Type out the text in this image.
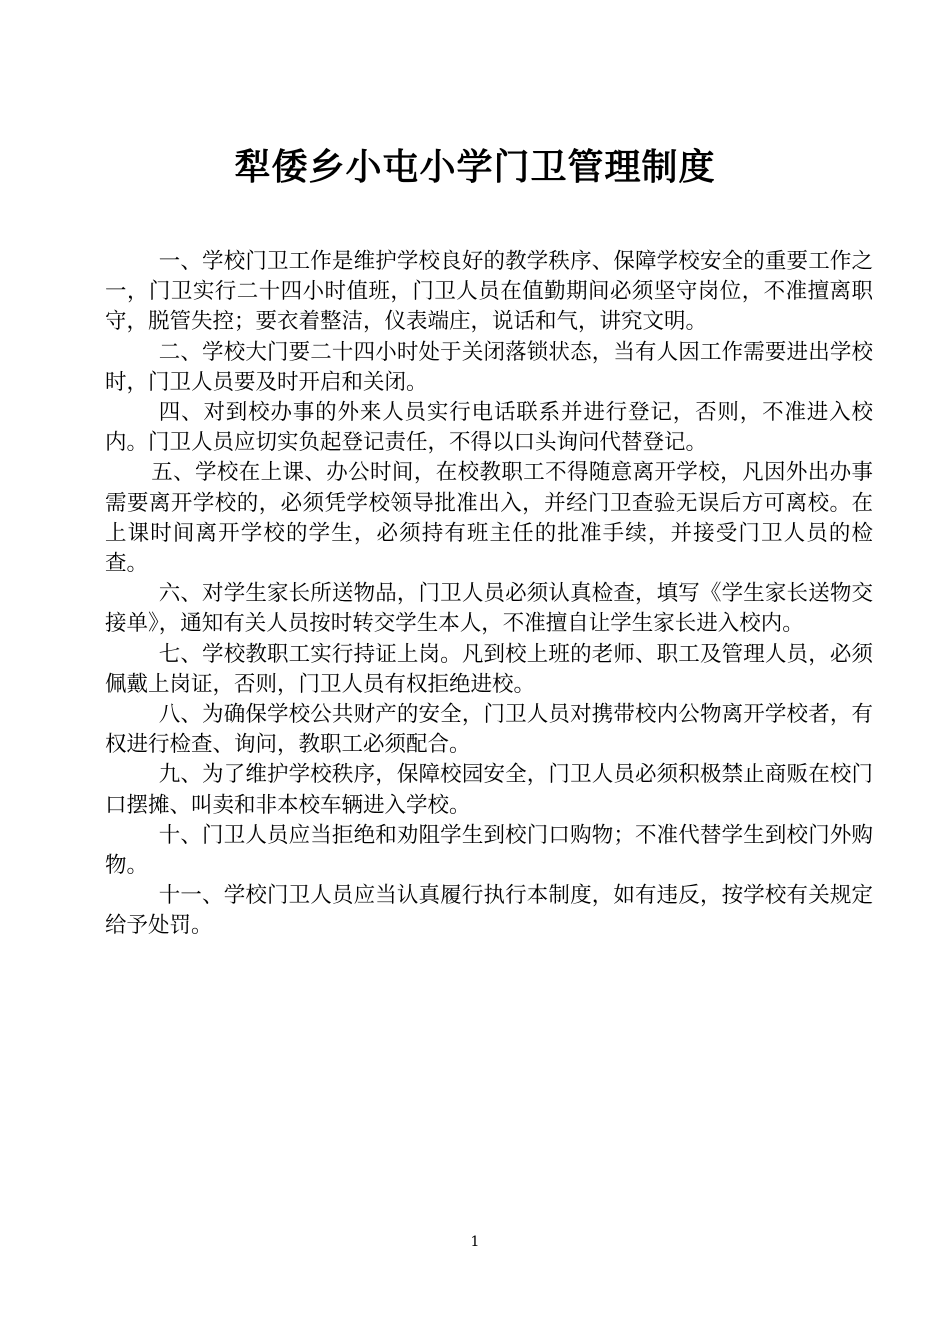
犁倭乡小屯小学门卫管理制度

一、学校门卫工作是维护学校良好的教学秩序、保障学校安全的重要工作之一，门卫实行二十四小时值班，门卫人员在值勤期间必须坚守岗位，不准擅离职守，脱管失控；要衣着整洁，仪表端庄，说话和气，讲究文明。

二、学校大门要二十四小时处于关闭落锁状态，当有人因工作需要进出学校时，门卫人员要及时开启和关闭。

四、对到校办事的外来人员实行电话联系并进行登记，否则，不准进入校内。门卫人员应切实负起登记责任，不得以口头询问代替登记。

五、学校在上课、办公时间，在校教职工不得随意离开学校，凡因外出办事需要离开学校的，必须凭学校领导批准出入，并经门卫查验无误后方可离校。在上课时间离开学校的学生，必须持有班主任的批准手续，并接受门卫人员的检查。

六、对学生家长所送物品，门卫人员必须认真检查，填写《学生家长送物交接单》，通知有关人员按时转交学生本人，不准擅自让学生家长进入校内。

七、学校教职工实行持证上岗。凡到校上班的老师、职工及管理人员，必须佩戴上岗证，否则，门卫人员有权拒绝进校。

八、为确保学校公共财产的安全，门卫人员对携带校内公物离开学校者，有权进行检查、询问，教职工必须配合。

九、为了维护学校秩序，保障校园安全，门卫人员必须积极禁止商贩在校门口摆摊、叫卖和非本校车辆进入学校。

十、门卫人员应当拒绝和劝阻学生到校门口购物；不准代替学生到校门外购物。

十一、学校门卫人员应当认真履行执行本制度，如有违反，按学校有关规定给予处罚。

1
